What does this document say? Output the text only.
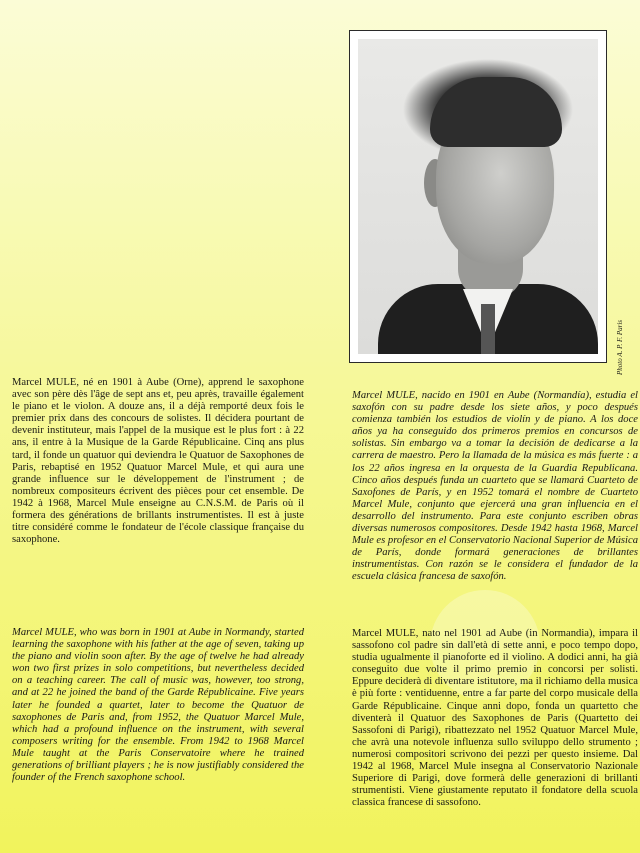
Photo A. P. F. Paris
Marcel MULE, né en 1901 à Aube (Orne), apprend le saxophone avec son père dès l'âge de sept ans et, peu après, travaille également le piano et le violon. A douze ans, il a déjà remporté deux fois le premier prix dans des concours de solistes. Il décidera pourtant de devenir instituteur, mais l'appel de la musique est le plus fort : à 22 ans, il entre à la Musique de la Garde Républicaine. Cinq ans plus tard, il fonde un quatuor qui deviendra le Quatuor de Saxophones de Paris, rebaptisé en 1952 Quatuor Marcel Mule, et qui aura une grande influence sur le développement de l'instrument ; de nombreux compositeurs écrivent des pièces pour cet ensemble. De 1942 à 1968, Marcel Mule enseigne au C.N.S.M. de Paris où il formera des générations de brillants instrumentistes. Il est à juste titre considéré comme le fondateur de l'école classique française du saxophone.
Marcel MULE, nacido en 1901 en Aube (Normandía), estudia el saxofón con su padre desde los siete años, y poco después comienza también los estudios de violín y de piano. A los doce años ya ha conseguido dos primeros premios en concursos de solistas. Sin embargo va a tomar la decisión de dedicarse a la carrera de maestro. Pero la llamada de la música es más fuerte : a los 22 años ingresa en la orquesta de la Guardia Republicana. Cinco años después funda un cuarteto que se llamará Cuarteto de Saxofones de París, y en 1952 tomará el nombre de Cuarteto Marcel Mule, conjunto que ejercerá una gran influencia en el desarrollo del instrumento. Para este conjunto escriben obras diversas numerosos compositores. Desde 1942 hasta 1968, Marcel Mule es profesor en el Conservatorio Nacional Superior de Música de París, donde formará generaciones de brillantes instrumentistas. Con razón se le considera el fundador de la escuela clásica francesa de saxofón.
Marcel MULE, who was born in 1901 at Aube in Normandy, started learning the saxophone with his father at the age of seven, taking up the piano and violin soon after. By the age of twelve he had already won two first prizes in solo competitions, but nevertheless decided on a teaching career. The call of music was, however, too strong, and at 22 he joined the band of the Garde Républicaine. Five years later he founded a quartet, later to become the Quatuor de saxophones de Paris and, from 1952, the Quatuor Marcel Mule, which had a profound influence on the instrument, with several composers writing for the ensemble. From 1942 to 1968 Marcel Mule taught at the Paris Conservatoire where he trained generations of brilliant players ; he is now justifiably considered the founder of the French saxophone school.
Marcel MULE, nato nel 1901 ad Aube (in Normandia), impara il sassofono col padre sin dall'età di sette anni, e poco tempo dopo, studia ugualmente il pianoforte ed il violino. A dodici anni, ha già conseguito due volte il primo premio in concorsi per solisti. Eppure deciderà di diventare istitutore, ma il richiamo della musica è più forte : ventiduenne, entre a far parte del corpo musicale della Garde Républicaine. Cinque anni dopo, fonda un quartetto che diventerà il Quatuor des Saxophones de Paris (Quartetto dei Sassofoni di Parigi), ribattezzato nel 1952 Quatuor Marcel Mule, che avrà una notevole influenza sullo sviluppo dello strumento ; numerosi compositori scrivono dei pezzi per questo insieme. Dal 1942 al 1968, Marcel Mule insegna al Conservatorio Nazionale Superiore di Parigi, dove formerà delle generazioni di brillanti strumentisti. Viene giustamente reputato il fondatore della scuola classica francese di sassofono.
